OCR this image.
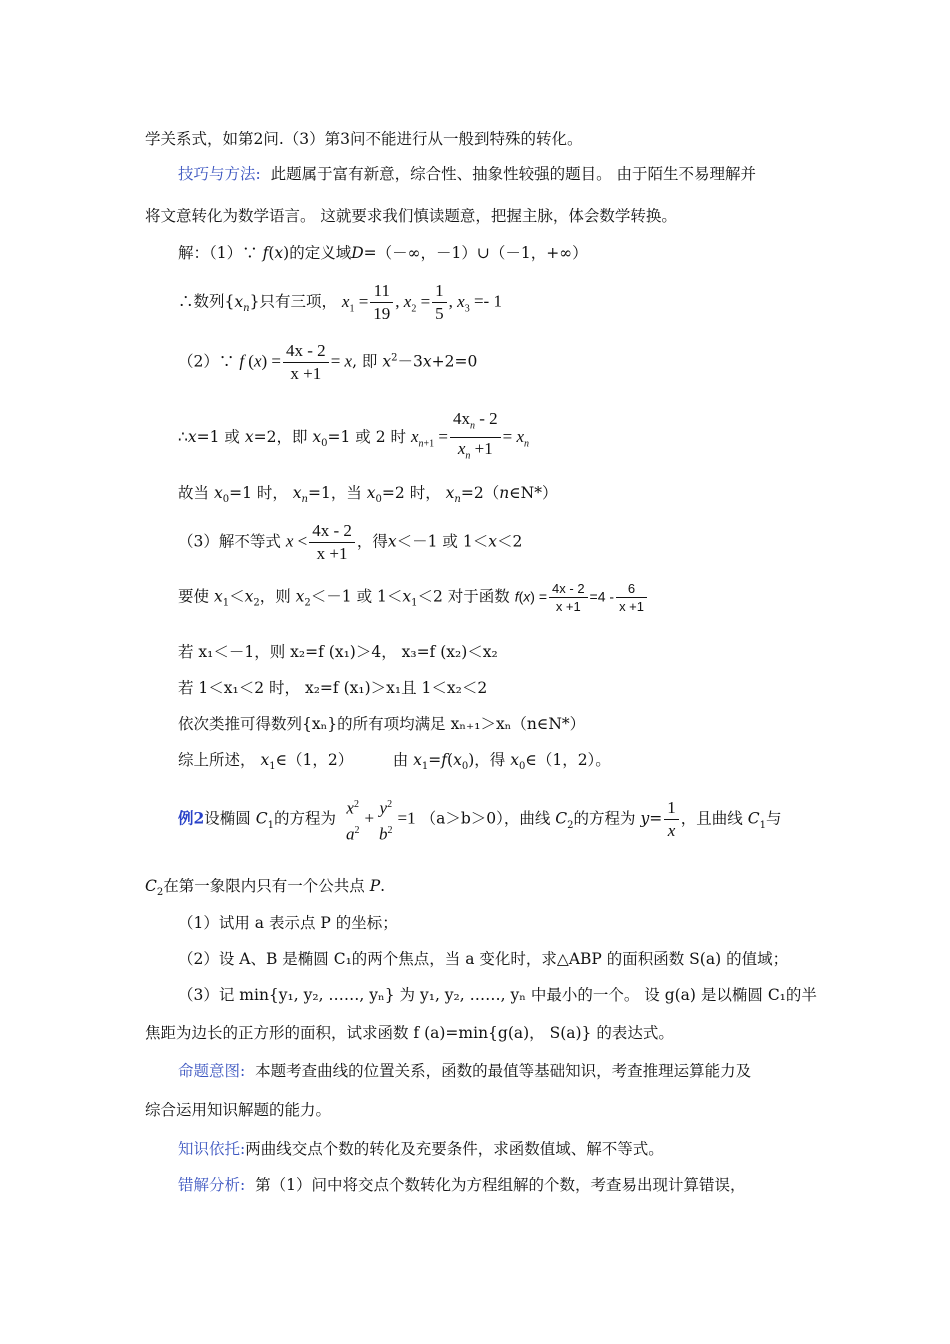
学关系式，如第2问.（3）第3问不能进行从一般到特殊的转化。
技巧与方法: 此题属于富有新意，综合性、抽象性较强的题目。 由于陌生不易理解并
将文意转化为数学语言。 这就要求我们慎读题意，把握主脉，体会数学转换。
解：（1）∵ f(x)的定义域D=（－∞，－1）∪（－1，+∞）
∴数列$\{x_n\}$只有三项， $x_1 = \frac{11}{19}$ , $x_2 = \frac{1}{5}$ , $x_3 =- 1$
（2）∵ f $(x) = \frac{4x - 2}{x +1} = x$, 即 $x^2-3x+2=0$
∴x=1 或 x=2，即 $x_0=1$ 或 2 时 $x_{n+1} = \frac{4x_n - 2}{x_n +1} = x_n$
故当 $x_0=1$ 时， $x_n=1$，当 $x_0=2$ 时， $x_n=2(n\in N*)$
（3）解不等式 $x < \frac{4x - 2}{x +1}$ ，得x＜－1 或 1＜x＜2
要使 $x_1<x_2$，则 $x_2<-1$ 或 $1<x_1<2$ 对于函数 $f(x) = \frac{4x - 2}{x +1} =4 - \frac{6}{x +1}$
若 x₁＜－1，则 x₂=f (x₁)＞4， x₃=f (x₂)＜x₂
若 1＜x₁＜2 时， x₂=f (x₁)＞x₁且 1＜x₂＜2
依次类推可得数列{xₙ}的所有项均满足 xₙ₊₁＞xₙ（n∈N*）
综上所述， $x_1\in(1$，2）	由 $x_1=f(x_0)$，得 $x_0\in(1$，2）。
例2设椭圆 $C_1$的方程为
$x^2$
$a^2$
+
$y^2$
$b^2$
=1 （a＞b＞0），曲线 $C_2$的方程为 $y= \frac{1}{x}$ ，且曲线 $C_1$与
$C_2$在第一象限内只有一个公共点 P.
（1）试用 a 表示点 P 的坐标；
（2）设 A、B 是椭圆 C₁的两个焦点，当 a 变化时，求△ABP 的面积函数 S(a) 的值域；
（3）记 min{y₁, y₂, ……, yₙ} 为 y₁, y₂, ……, yₙ 中最小的一个。 设 g(a) 是以椭圆 C₁的半
焦距为边长的正方形的面积，试求函数 f (a)=min{g(a)， S(a)} 的表达式。
命题意图: 本题考查曲线的位置关系，函数的最值等基础知识，考查推理运算能力及
综合运用知识解题的能力。
知识依托:两曲线交点个数的转化及充要条件，求函数值域、解不等式。
错解分析: 第（1）问中将交点个数转化为方程组解的个数，考查易出现计算错误，
